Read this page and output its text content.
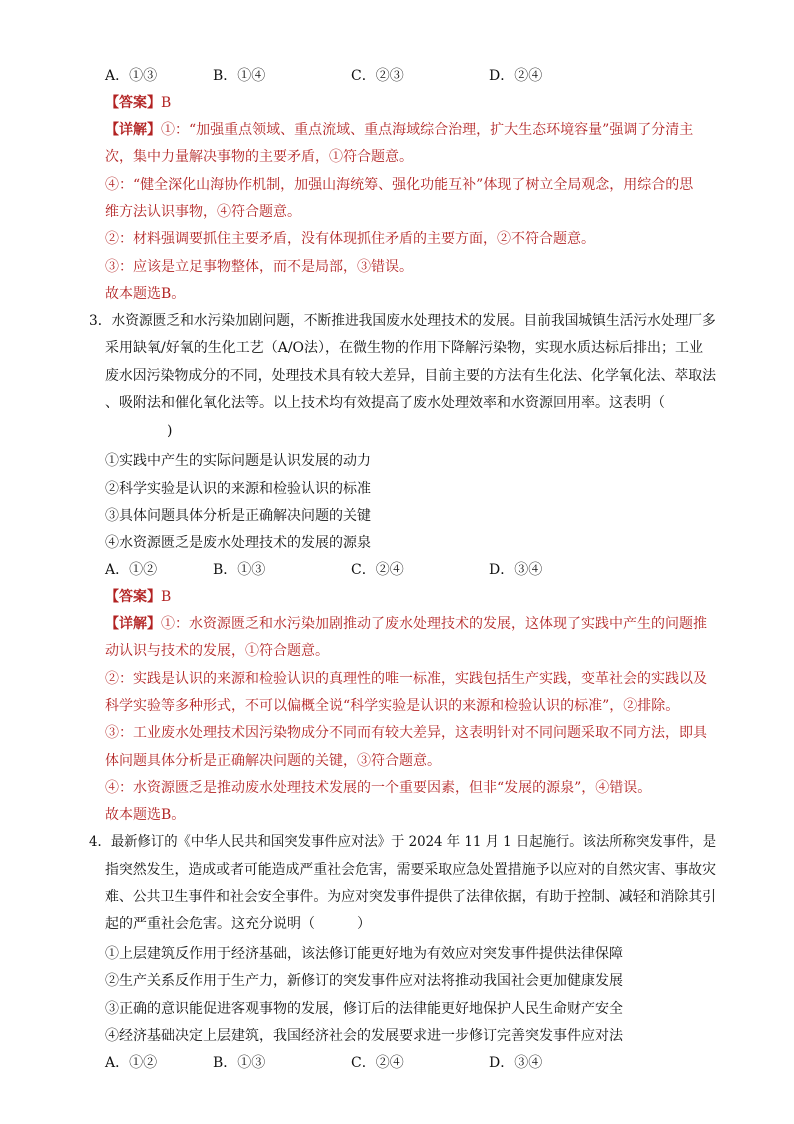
A．①③	B．①④	C．②③	D．②④
【答案】B
【详解】①：“加强重点领域、重点流域、重点海域综合治理，扩大生态环境容量”强调了分清主
次，集中力量解决事物的主要矛盾，①符合题意。
④：“健全深化山海协作机制，加强山海统筹、强化功能互补”体现了树立全局观念，用综合的思
维方法认识事物，④符合题意。
②：材料强调要抓住主要矛盾，没有体现抓住矛盾的主要方面，②不符合题意。
③：应该是立足事物整体，而不是局部，③错误。
故本题选B。
3．水资源匮乏和水污染加剧问题，不断推进我国废水处理技术的发展。目前我国城镇生活污水处理厂多
采用缺氧/好氧的生化工艺（A/O法），在微生物的作用下降解污染物，实现水质达标后排出；工业
废水因污染物成分的不同，处理技术具有较大差异，目前主要的方法有生化法、化学氧化法、萃取法
、吸附法和催化氧化法等。以上技术均有效提高了废水处理效率和水资源回用率。这表明（
)
①实践中产生的实际问题是认识发展的动力
②科学实验是认识的来源和检验认识的标准
③具体问题具体分析是正确解决问题的关键
④水资源匮乏是废水处理技术的发展的源泉
A．①②	B．①③	C．②④	D．③④
【答案】B
【详解】①：水资源匮乏和水污染加剧推动了废水处理技术的发展，这体现了实践中产生的问题推
动认识与技术的发展，①符合题意。
②：实践是认识的来源和检验认识的真理性的唯一标准，实践包括生产实践，变革社会的实践以及
科学实验等多种形式，不可以偏概全说“科学实验是认识的来源和检验认识的标准”，②排除。
③：工业废水处理技术因污染物成分不同而有较大差异，这表明针对不同问题采取不同方法，即具
体问题具体分析是正确解决问题的关键，③符合题意。
④：水资源匮乏是推动废水处理技术发展的一个重要因素，但非“发展的源泉”，④错误。
故本题选B。
4．最新修订的《中华人民共和国突发事件应对法》于 2024 年 11 月 1 日起施行。该法所称突发事件，是
指突然发生，造成或者可能造成严重社会危害，需要采取应急处置措施予以应对的自然灾害、事故灾
难、公共卫生事件和社会安全事件。为应对突发事件提供了法律依据，有助于控制、减轻和消除其引
起的严重社会危害。这充分说明（　　　）
①上层建筑反作用于经济基础，该法修订能更好地为有效应对突发事件提供法律保障
②生产关系反作用于生产力，新修订的突发事件应对法将推动我国社会更加健康发展
③正确的意识能促进客观事物的发展，修订后的法律能更好地保护人民生命财产安全
④经济基础决定上层建筑，我国经济社会的发展要求进一步修订完善突发事件应对法
A．①②	B．①③	C．②④	D．③④
